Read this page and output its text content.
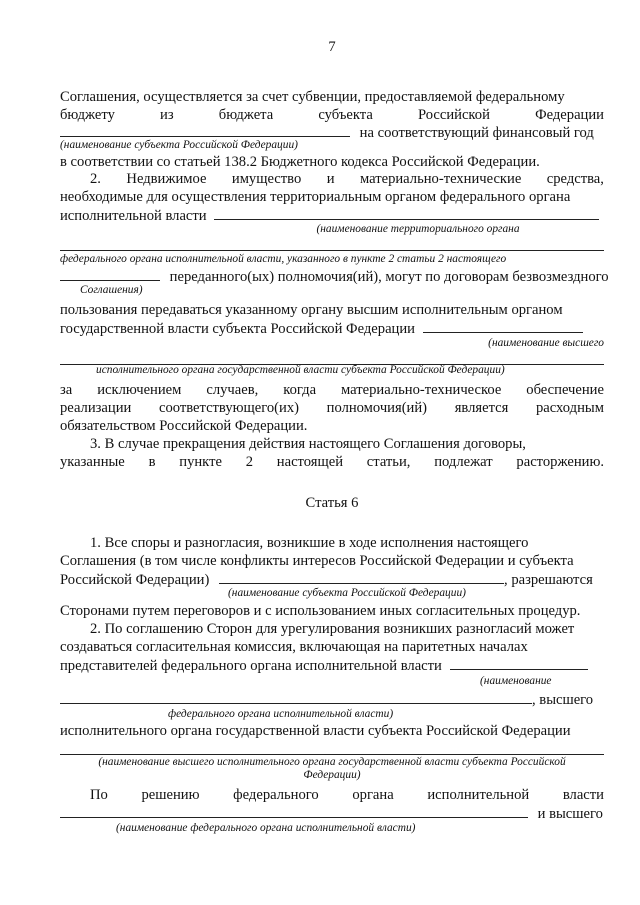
7
Соглашения, осуществляется за счет субвенции, предоставляемой федеральному
бюджету	из	бюджета	субъекта	Российской	Федерации
на соответствующий финансовый год
(наименование субъекта Российской Федерации)
в соответствии со статьей 138.2 Бюджетного кодекса Российской Федерации.
2. Недвижимое имущество и материально-технические средства,
необходимые для осуществления территориальным органом федерального органа
исполнительной власти
(наименование территориального органа
федерального органа исполнительной власти, указанного в пункте 2 статьи 2 настоящего
переданного(ых) полномочия(ий), могут по договорам безвозмездного
Соглашения)
пользования передаваться указанному органу высшим исполнительным органом
государственной власти субъекта Российской Федерации
(наименование высшего
исполнительного органа государственной власти субъекта Российской Федерации)
за исключением случаев, когда материально-техническое обеспечение
реализации соответствующего(их) полномочия(ий) является расходным
обязательством Российской Федерации.
3. В случае прекращения действия настоящего Соглашения договоры,
указанные в пункте 2 настоящей статьи, подлежат расторжению.
Статья 6
1. Все споры и разногласия, возникшие в ходе исполнения настоящего
Соглашения (в том числе конфликты интересов Российской Федерации и субъекта
Российской Федерации)	, разрешаются
(наименование субъекта Российской Федерации)
Сторонами путем переговоров и с использованием иных согласительных процедур.
2. По соглашению Сторон для урегулирования возникших разногласий может
создаваться согласительная комиссия, включающая на паритетных началах
представителей федерального органа исполнительной власти
(наименование
, высшего
федерального органа исполнительной власти)
исполнительного органа государственной власти субъекта Российской Федерации
(наименование высшего исполнительного органа государственной власти субъекта Российской
Федерации)
По решению федерального органа исполнительной власти
и высшего
(наименование федерального органа исполнительной власти)
